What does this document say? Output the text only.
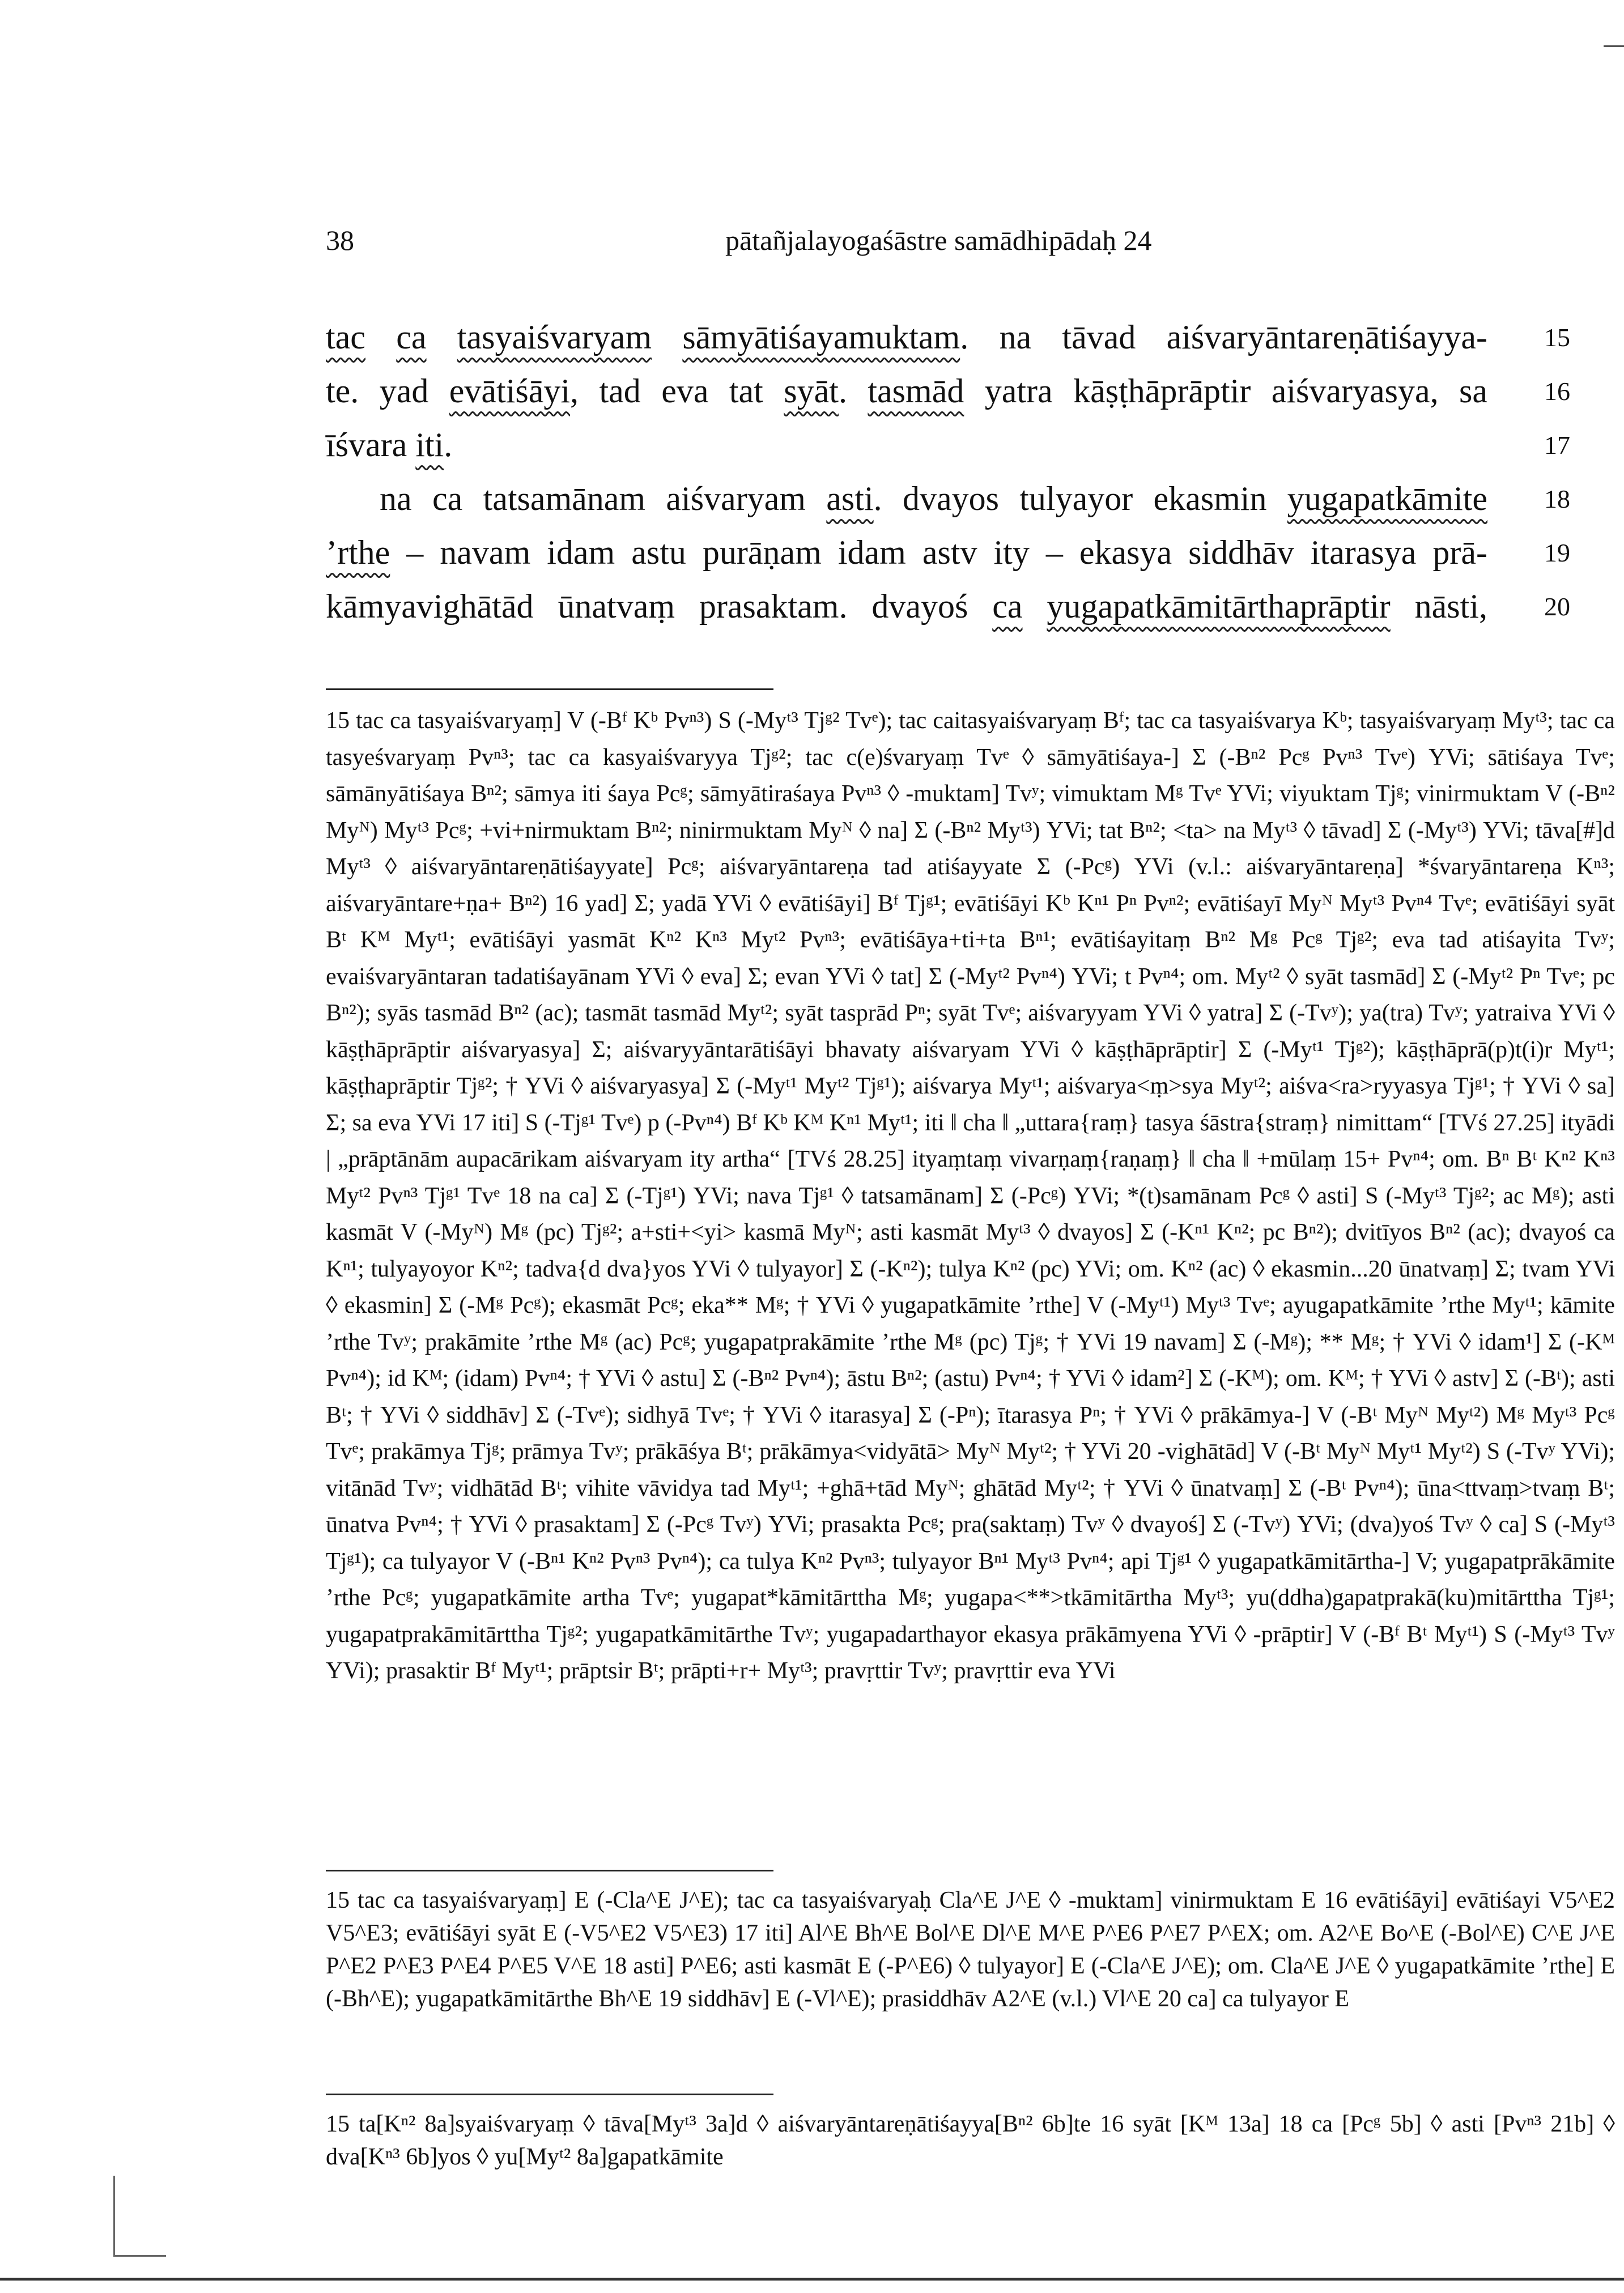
38	pātañjalayogaśāstre samādhipādaḥ 24
tac ca tasyaiśvaryam sāmyātiśayamuktam. na tāvad aiśvaryāntareṇātiśayya-
te. yad evātiśāyi, tad eva tat syāt. tasmād yatra kāṣṭhāprāptir aiśvaryasya, sa
īśvara iti.
na ca tatsamānam aiśvaryam asti. dvayos tulyayor ekasmin yugapatkāmite
’rthe – navam idam astu purāṇam idam astv ity – ekasya siddhāv itarasya prā-
kāmyavighātād ūnatvaṃ prasaktam. dvayoś ca yugapatkāmitārthaprāptir nāsti,
15
16
17
18
19
20
15 tac ca tasyaiśvaryaṃ] V (-Bᶠ Kᵇ Pvⁿ³) S (-Myᵗ³ Tjᵍ² Tvᵉ); tac caitasyaiśvaryaṃ Bᶠ; tac ca tasyaiśvarya Kᵇ; tasyaiśvaryaṃ Myᵗ³; tac ca tasyeśvaryaṃ Pvⁿ³; tac ca kasyaiśvaryya Tjᵍ²; tac c(e)śvaryaṃ Tvᵉ ◊ sāmyātiśaya-] Σ (-Bⁿ² Pcᵍ Pvⁿ³ Tvᵉ) YVi; sātiśaya Tvᵉ; sāmānyātiśaya Bⁿ²; sāmya iti śaya Pcᵍ; sāmyātiraśaya Pvⁿ³ ◊ -muktam] Tvʸ; vimuktam Mᵍ Tvᵉ YVi; viyuktam Tjᵍ; vinirmuktam V (-Bⁿ² Myᴺ) Myᵗ³ Pcᵍ; +vi+nirmuktam Bⁿ²; ninirmuktam Myᴺ ◊ na] Σ (-Bⁿ² Myᵗ³) YVi; tat Bⁿ²; <ta> na Myᵗ³ ◊ tāvad] Σ (-Myᵗ³) YVi; tāva[#]d Myᵗ³ ◊ aiśvaryāntareṇātiśayyate] Pcᵍ; aiśvaryāntareṇa tad atiśayyate Σ (-Pcᵍ) YVi (v.l.: aiśvaryāntareṇa] *śvaryāntareṇa Kⁿ³; aiśvaryāntare+ṇa+ Bⁿ²) 16 yad] Σ; yadā YVi ◊ evātiśāyi] Bᶠ Tjᵍ¹; evātiśāyi Kᵇ Kⁿ¹ Pⁿ Pvⁿ²; evātiśayī Myᴺ Myᵗ³ Pvⁿ⁴ Tvᵉ; evātiśāyi syāt Bᵗ Kᴹ Myᵗ¹; evātiśāyi yasmāt Kⁿ² Kⁿ³ Myᵗ² Pvⁿ³; evātiśāya+ti+ta Bⁿ¹; evātiśayitaṃ Bⁿ² Mᵍ Pcᵍ Tjᵍ²; eva tad atiśayita Tvʸ; evaiśvaryāntaran tadatiśayānam YVi ◊ eva] Σ; evan YVi ◊ tat] Σ (-Myᵗ² Pvⁿ⁴) YVi; t Pvⁿ⁴; om. Myᵗ² ◊ syāt tasmād] Σ (-Myᵗ² Pⁿ Tvᵉ; pc Bⁿ²); syās tasmād Bⁿ² (ac); tasmāt tasmād Myᵗ²; syāt tasprād Pⁿ; syāt Tvᵉ; aiśvaryyam YVi ◊ yatra] Σ (-Tvʸ); ya(tra) Tvʸ; yatraiva YVi ◊ kāṣṭhāprāptir aiśvaryasya] Σ; aiśvaryyāntarātiśāyi bhavaty aiśvaryam YVi ◊ kāṣṭhāprāptir] Σ (-Myᵗ¹ Tjᵍ²); kāṣṭhāprā(p)t(i)r Myᵗ¹; kāṣṭhaprāptir Tjᵍ²; † YVi ◊ aiśvaryasya] Σ (-Myᵗ¹ Myᵗ² Tjᵍ¹); aiśvarya Myᵗ¹; aiśvarya<ṃ>sya Myᵗ²; aiśva<ra>ryyasya Tjᵍ¹; † YVi ◊ sa] Σ; sa eva YVi 17 iti] S (-Tjᵍ¹ Tvᵉ) p (-Pvⁿ⁴) Bᶠ Kᵇ Kᴹ Kⁿ¹ Myᵗ¹; iti ‖ cha ‖ „uttara{raṃ} tasya śāstra{straṃ} nimittam“ [TVś 27.25] ityādi | „prāptānām aupacārikam aiśvaryam ity artha“ [TVś 28.25] ityaṃtaṃ vivarṇaṃ{raṇaṃ} ‖ cha ‖ +mūlaṃ 15+ Pvⁿ⁴; om. Bⁿ Bᵗ Kⁿ² Kⁿ³ Myᵗ² Pvⁿ³ Tjᵍ¹ Tvᵉ 18 na ca] Σ (-Tjᵍ¹) YVi; nava Tjᵍ¹ ◊ tatsamānam] Σ (-Pcᵍ) YVi; *(t)samānam Pcᵍ ◊ asti] S (-Myᵗ³ Tjᵍ²; ac Mᵍ); asti kasmāt V (-Myᴺ) Mᵍ (pc) Tjᵍ²; a+sti+<yi> kasmā Myᴺ; asti kasmāt Myᵗ³ ◊ dvayos] Σ (-Kⁿ¹ Kⁿ²; pc Bⁿ²); dvitīyos Bⁿ² (ac); dvayoś ca Kⁿ¹; tulyayoyor Kⁿ²; tadva{d dva}yos YVi ◊ tulyayor] Σ (-Kⁿ²); tulya Kⁿ² (pc) YVi; om. Kⁿ² (ac) ◊ ekasmin...20 ūnatvaṃ] Σ; tvam YVi ◊ ekasmin] Σ (-Mᵍ Pcᵍ); ekasmāt Pcᵍ; eka** Mᵍ; † YVi ◊ yugapatkāmite ’rthe] V (-Myᵗ¹) Myᵗ³ Tvᵉ; ayugapatkāmite ’rthe Myᵗ¹; kāmite ’rthe Tvʸ; prakāmite ’rthe Mᵍ (ac) Pcᵍ; yugapatprakāmite ’rthe Mᵍ (pc) Tjᵍ; † YVi 19 navam] Σ (-Mᵍ); ** Mᵍ; † YVi ◊ idam¹] Σ (-Kᴹ Pvⁿ⁴); id Kᴹ; (idam) Pvⁿ⁴; † YVi ◊ astu] Σ (-Bⁿ² Pvⁿ⁴); āstu Bⁿ²; (astu) Pvⁿ⁴; † YVi ◊ idam²] Σ (-Kᴹ); om. Kᴹ; † YVi ◊ astv] Σ (-Bᵗ); asti Bᵗ; † YVi ◊ siddhāv] Σ (-Tvᵉ); sidhyā Tvᵉ; † YVi ◊ itarasya] Σ (-Pⁿ); ītarasya Pⁿ; † YVi ◊ prākāmya-] V (-Bᵗ Myᴺ Myᵗ²) Mᵍ Myᵗ³ Pcᵍ Tvᵉ; prakāmya Tjᵍ; prāmya Tvʸ; prākāśya Bᵗ; prākāmya<vidyātā> Myᴺ Myᵗ²; † YVi 20 -vighātād] V (-Bᵗ Myᴺ Myᵗ¹ Myᵗ²) S (-Tvʸ YVi); vitānād Tvʸ; vidhātād Bᵗ; vihite vāvidya tad Myᵗ¹; +ghā+tād Myᴺ; ghātād Myᵗ²; † YVi ◊ ūnatvaṃ] Σ (-Bᵗ Pvⁿ⁴); ūna<ttvaṃ>tvaṃ Bᵗ; ūnatva Pvⁿ⁴; † YVi ◊ prasaktam] Σ (-Pcᵍ Tvʸ) YVi; prasakta Pcᵍ; pra(saktaṃ) Tvʸ ◊ dvayoś] Σ (-Tvʸ) YVi; (dva)yoś Tvʸ ◊ ca] S (-Myᵗ³ Tjᵍ¹); ca tulyayor V (-Bⁿ¹ Kⁿ² Pvⁿ³ Pvⁿ⁴); ca tulya Kⁿ² Pvⁿ³; tulyayor Bⁿ¹ Myᵗ³ Pvⁿ⁴; api Tjᵍ¹ ◊ yugapatkāmitārtha-] V; yugapatprākāmite ’rthe Pcᵍ; yugapatkāmite artha Tvᵉ; yugapat*kāmitārttha Mᵍ; yugapa<**>tkāmitārtha Myᵗ³; yu(ddha)gapatprakā(ku)mitārttha Tjᵍ¹; yugapatprakāmitārttha Tjᵍ²; yugapatkāmitārthe Tvʸ; yugapadarthayor ekasya prākāmyena YVi ◊ -prāptir] V (-Bᶠ Bᵗ Myᵗ¹) S (-Myᵗ³ Tvʸ YVi); prasaktir Bᶠ Myᵗ¹; prāptsir Bᵗ; prāpti+r+ Myᵗ³; pravṛttir Tvʸ; pravṛttir eva YVi
15 tac ca tasyaiśvaryaṃ] E (-Cla^E J^E); tac ca tasyaiśvaryaḥ Cla^E J^E ◊ -muktam] vinirmuktam E 16 evātiśāyi] evātiśayi V5^E2 V5^E3; evātiśāyi syāt E (-V5^E2 V5^E3) 17 iti] Al^E Bh^E Bol^E Dl^E M^E P^E6 P^E7 P^EX; om. A2^E Bo^E (-Bol^E) C^E J^E P^E2 P^E3 P^E4 P^E5 V^E 18 asti] P^E6; asti kasmāt E (-P^E6) ◊ tulyayor] E (-Cla^E J^E); om. Cla^E J^E ◊ yugapatkāmite ’rthe] E (-Bh^E); yugapatkāmitārthe Bh^E 19 siddhāv] E (-Vl^E); prasiddhāv A2^E (v.l.) Vl^E 20 ca] ca tulyayor E
15 ta[Kⁿ² 8a]syaiśvaryaṃ ◊ tāva[Myᵗ³ 3a]d ◊ aiśvaryāntareṇātiśayya[Bⁿ² 6b]te 16 syāt [Kᴹ 13a] 18 ca [Pcᵍ 5b] ◊ asti [Pvⁿ³ 21b] ◊ dva[Kⁿ³ 6b]yos ◊ yu[Myᵗ² 8a]gapatkāmite
